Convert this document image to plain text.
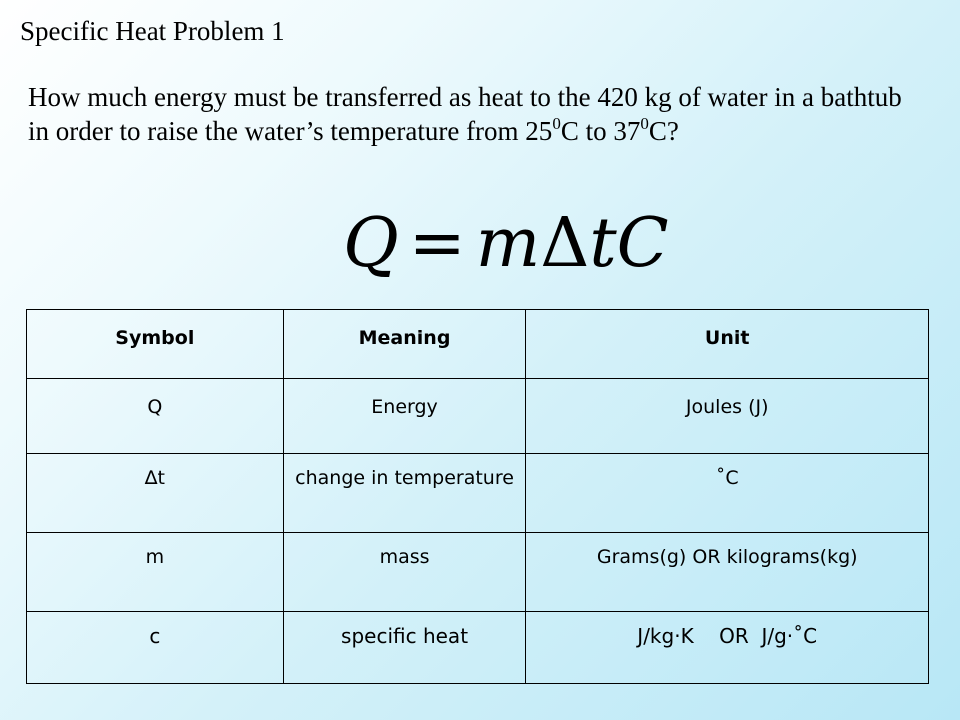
Specific Heat Problem 1

How much energy must be transferred as heat to the 420 kg of water in a bathtub in order to raise the water’s temperature from $25^0C$ to $37^0C$?

Q = mΔtC
Symbol	Meaning	Unit
Q	Energy	Joules (J)
∆t	change in temperature	˚C
m	mass	Grams(g) OR kilograms(kg)
c	specific heat	J/kg·K    OR  J/g·˚C
